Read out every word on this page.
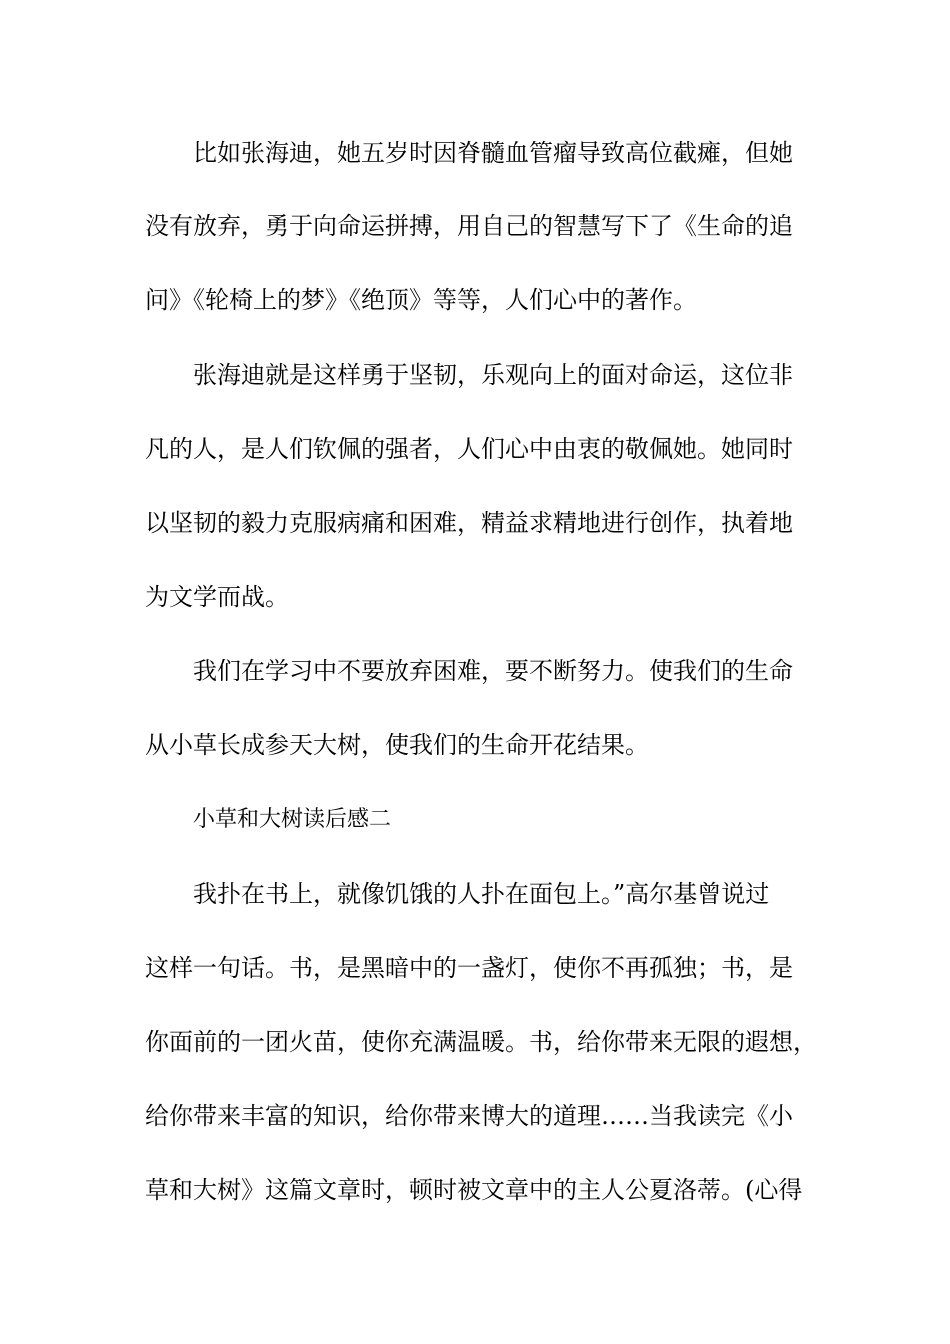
比如张海迪，她五岁时因脊髓血管瘤导致高位截瘫，但她
没有放弃，勇于向命运拼搏，用自己的智慧写下了《生命的追
问》《轮椅上的梦》《绝顶》等等，人们心中的著作。
张海迪就是这样勇于坚韧，乐观向上的面对命运，这位非
凡的人，是人们钦佩的强者，人们心中由衷的敬佩她。她同时
以坚韧的毅力克服病痛和困难，精益求精地进行创作，执着地
为文学而战。
我们在学习中不要放弃困难，要不断努力。使我们的生命
从小草长成参天大树，使我们的生命开花结果。
小草和大树读后感二
我扑在书上，就像饥饿的人扑在面包上。”高尔基曾说过
这样一句话。书，是黑暗中的一盏灯，使你不再孤独；书，是
你面前的一团火苗，使你充满温暖。书，给你带来无限的遐想，
给你带来丰富的知识，给你带来博大的道理……当我读完《小
草和大树》这篇文章时，顿时被文章中的主人公夏洛蒂。(心得
